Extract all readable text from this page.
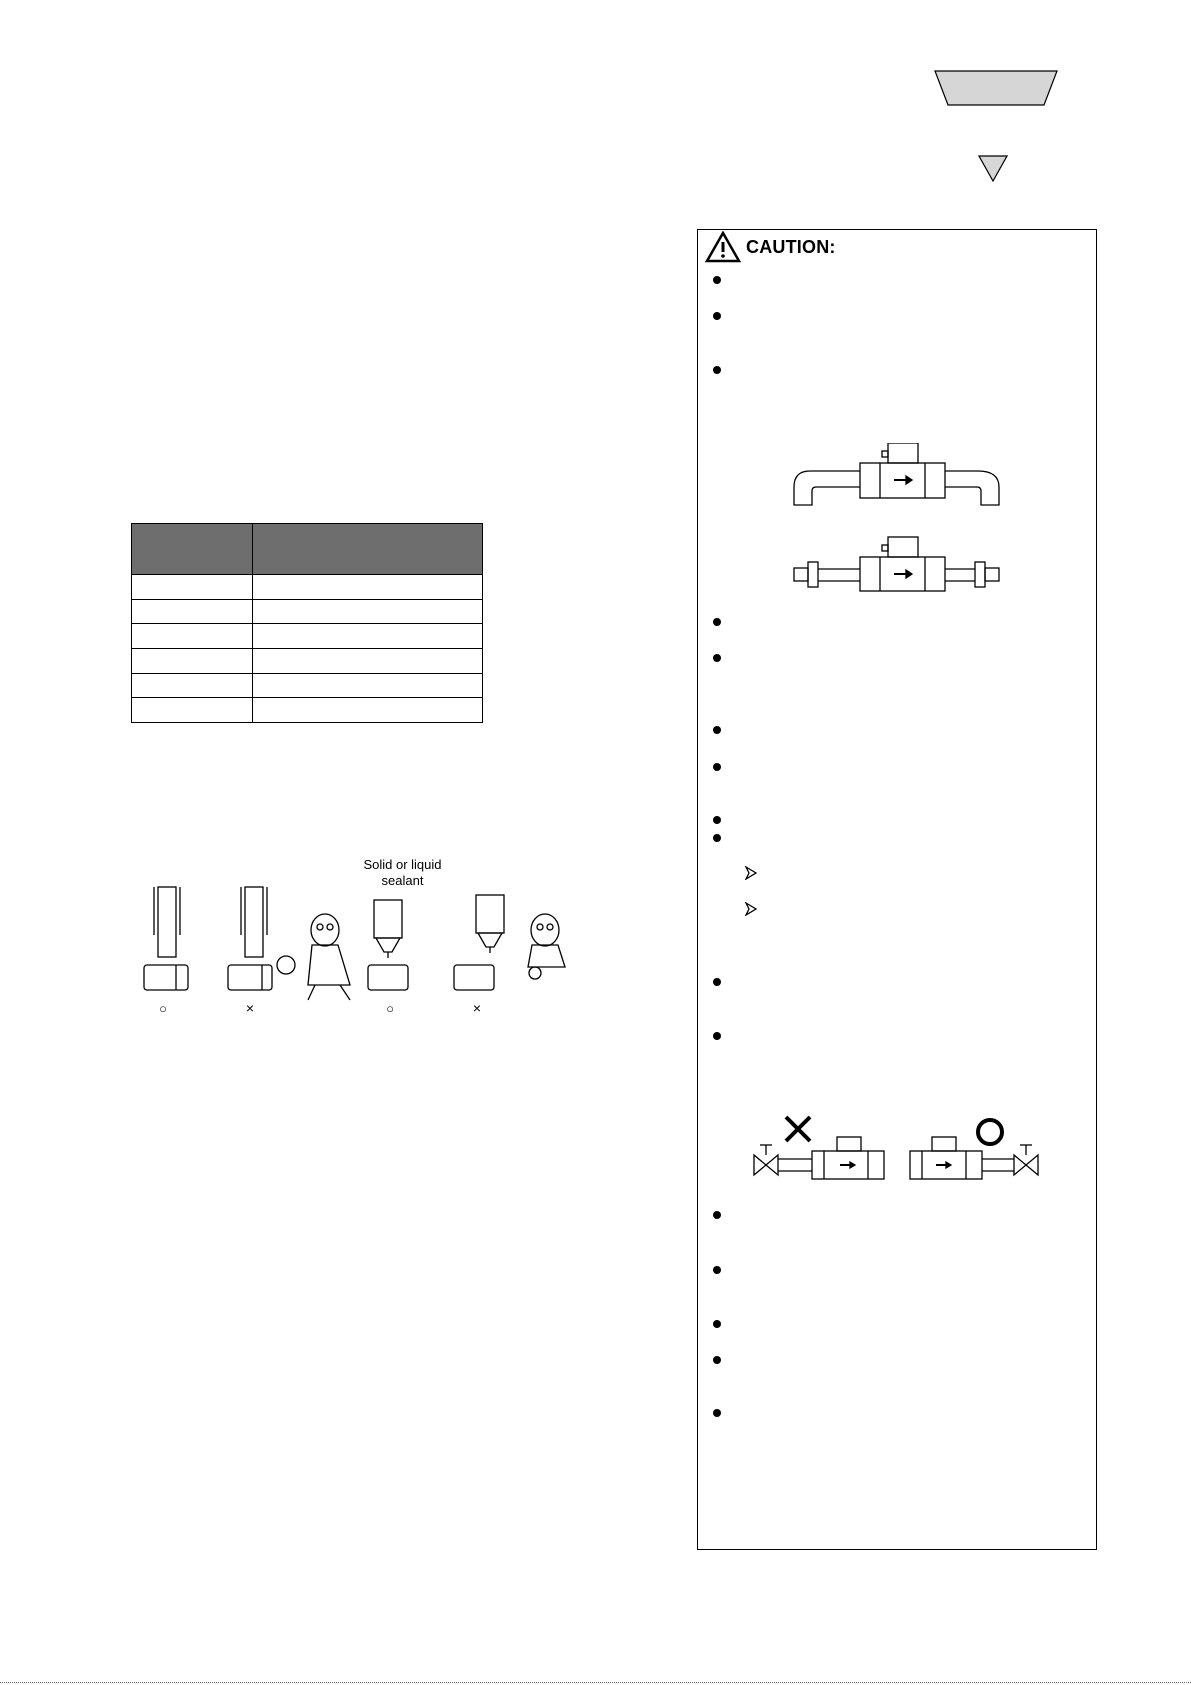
Solid or liquid
sealant
○	×	○	×
CAUTION:
